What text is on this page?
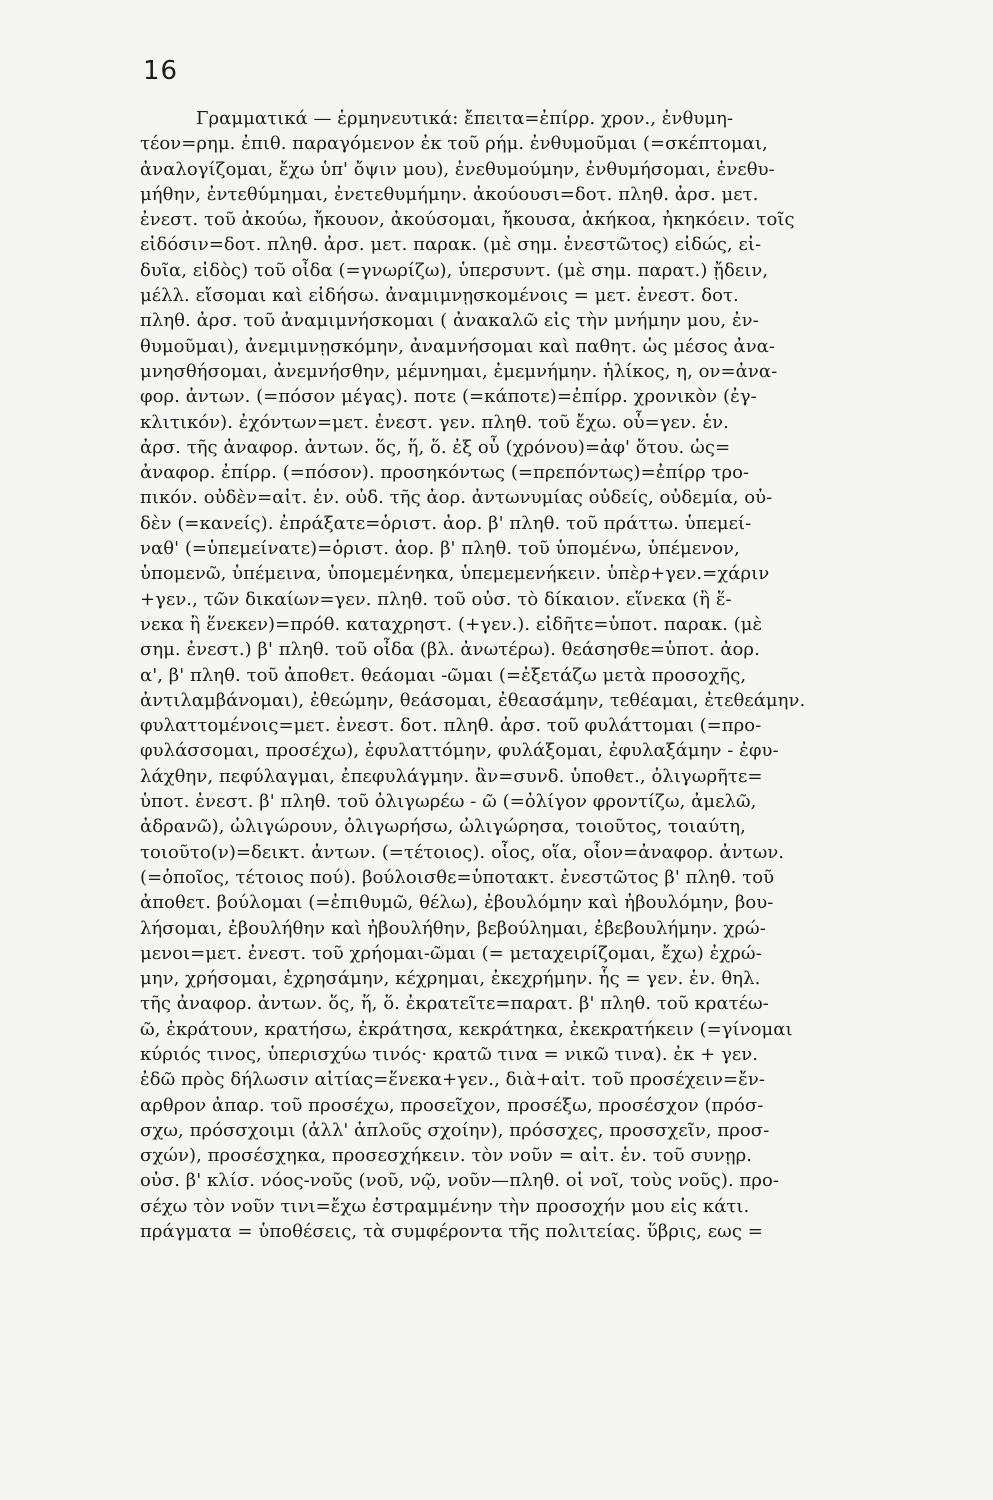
16
Γραμματικά — ἑρμηνευτικά: ἔπειτα=ἐπίρρ. χρον., ἐνθυμη-
τέον=ρημ. ἐπιθ. παραγόμενον ἐκ τοῦ ρήμ. ἐνθυμοῦμαι (=σκέπτομαι,
ἀναλογίζομαι, ἔχω ὑπ' ὄψιν μου), ἐνεθυμούμην, ἐνθυμήσομαι, ἐνεθυ-
μήθην, ἐντεθύμημαι, ἐνετεθυμήμην. ἀκούουσι=δοτ. πληθ. ἀρσ. μετ.
ἐνεστ. τοῦ ἀκούω, ἤκουον, ἀκούσομαι, ἤκουσα, ἀκήκοα, ἠκηκόειν. τοῖς
εἰδόσιν=δοτ. πληθ. ἀρσ. μετ. παρακ. (μὲ σημ. ἐνεστῶτος) εἰδώς, εἰ-
δυῖα, εἰδὸς) τοῦ οἶδα (=γνωρίζω), ὑπερσυντ. (μὲ σημ. παρατ.) ᾔδειν,
μέλλ. εἴσομαι καὶ εἰδήσω. ἀναμιμνῃσκομένοις = μετ. ἐνεστ. δοτ.
πληθ. ἀρσ. τοῦ ἀναμιμνήσκομαι ( ἀνακαλῶ εἰς τὴν μνήμην μου, ἐν-
θυμοῦμαι), ἀνεμιμνῃσκόμην, ἀναμνήσομαι καὶ παθητ. ὡς μέσος ἀνα-
μνησθήσομαι, ἀνεμνήσθην, μέμνημαι, ἐμεμνήμην. ἡλίκος, η, ον=ἀνα-
φορ. ἀντων. (=πόσον μέγας). ποτε (=κάποτε)=ἐπίρρ. χρονικὸν (ἐγ-
κλιτικόν). ἐχόντων=μετ. ἐνεστ. γεν. πληθ. τοῦ ἔχω. οὗ=γεν. ἑν.
ἀρσ. τῆς ἀναφορ. ἀντων. ὅς, ἥ, ὅ. ἐξ οὗ (χρόνου)=ἀφ' ὅτου. ὡς=
ἀναφορ. ἐπίρρ. (=πόσον). προσηκόντως (=πρεπόντως)=ἐπίρρ τρο-
πικόν. οὐδὲν=αἰτ. ἑν. οὐδ. τῆς ἀορ. ἀντωνυμίας οὐδείς, οὐδεμία, οὐ-
δὲν (=κανείς). ἐπράξατε=ὁριστ. ἀορ. β' πληθ. τοῦ πράττω. ὑπεμεί-
ναθ' (=ὑπεμείνατε)=ὁριστ. ἀορ. β' πληθ. τοῦ ὑπομένω, ὑπέμενον,
ὑπομενῶ, ὑπέμεινα, ὑπομεμένηκα, ὑπεμεμενήκειν. ὑπὲρ+γεν.=χάριν
+γεν., τῶν δικαίων=γεν. πληθ. τοῦ οὐσ. τὸ δίκαιον. εἵνεκα (ἢ ἕ-
νεκα ἢ ἕνεκεν)=πρόθ. καταχρηστ. (+γεν.). εἰδῆτε=ὑποτ. παρακ. (μὲ
σημ. ἐνεστ.) β' πληθ. τοῦ οἶδα (βλ. ἀνωτέρω). θεάσησθε=ὑποτ. ἀορ.
α', β' πληθ. τοῦ ἀποθετ. θεάομαι -ῶμαι (=ἐξετάζω μετὰ προσοχῆς,
ἀντιλαμβάνομαι), ἐθεώμην, θεάσομαι, ἐθεασάμην, τεθέαμαι, ἐτεθεάμην.
φυλαττομένοις=μετ. ἐνεστ. δοτ. πληθ. ἀρσ. τοῦ φυλάττομαι (=προ-
φυλάσσομαι, προσέχω), ἐφυλαττόμην, φυλάξομαι, ἐφυλαξάμην - ἐφυ-
λάχθην, πεφύλαγμαι, ἐπεφυλάγμην. ἂν=συνδ. ὑποθετ., ὀλιγωρῆτε=
ὑποτ. ἐνεστ. β' πληθ. τοῦ ὀλιγωρέω - ῶ (=ὀλίγον φροντίζω, ἀμελῶ,
ἀδρανῶ), ὠλιγώρουν, ὀλιγωρήσω, ὠλιγώρησα, τοιοῦτος, τοιαύτη,
τοιοῦτο(ν)=δεικτ. ἀντων. (=τέτοιος). οἷος, οἵα, οἷον=ἀναφορ. ἀντων.
(=ὁποῖος, τέτοιος πού). βούλοισθε=ὑποτακτ. ἐνεστῶτος β' πληθ. τοῦ
ἀποθετ. βούλομαι (=ἐπιθυμῶ, θέλω), ἐβουλόμην καὶ ἠβουλόμην, βου-
λήσομαι, ἐβουλήθην καὶ ἠβουλήθην, βεβούλημαι, ἐβεβουλήμην. χρώ-
μενοι=μετ. ἐνεστ. τοῦ χρήομαι-ῶμαι (= μεταχειρίζομαι, ἔχω) ἐχρώ-
μην, χρήσομαι, ἐχρησάμην, κέχρημαι, ἐκεχρήμην. ἧς = γεν. ἑν. θηλ.
τῆς ἀναφορ. ἀντων. ὅς, ἥ, ὅ. ἐκρατεῖτε=παρατ. β' πληθ. τοῦ κρατέω-
ῶ, ἐκράτουν, κρατήσω, ἐκράτησα, κεκράτηκα, ἐκεκρατήκειν (=γίνομαι
κύριός τινος, ὑπερισχύω τινός· κρατῶ τινα = νικῶ τινα). ἐκ + γεν.
ἐδῶ πρὸς δήλωσιν αἰτίας=ἕνεκα+γεν., διὰ+αἰτ. τοῦ προσέχειν=ἔν-
αρθρον ἀπαρ. τοῦ προσέχω, προσεῖχον, προσέξω, προσέσχον (πρόσ-
σχω, πρόσσχοιμι (ἀλλ' ἁπλοῦς σχοίην), πρόσσχες, προσσχεῖν, προσ-
σχών), προσέσχηκα, προσεσχήκειν. τὸν νοῦν = αἰτ. ἑν. τοῦ συνῃρ.
οὐσ. β' κλίσ. νόος-νοῦς (νοῦ, νῷ, νοῦν—πληθ. οἱ νοῖ, τοὺς νοῦς). προ-
σέχω τὸν νοῦν τινι=ἔχω ἐστραμμένην τὴν προσοχήν μου εἰς κάτι.
πράγματα = ὑποθέσεις, τὰ συμφέροντα τῆς πολιτείας. ὕβρις, εως =
